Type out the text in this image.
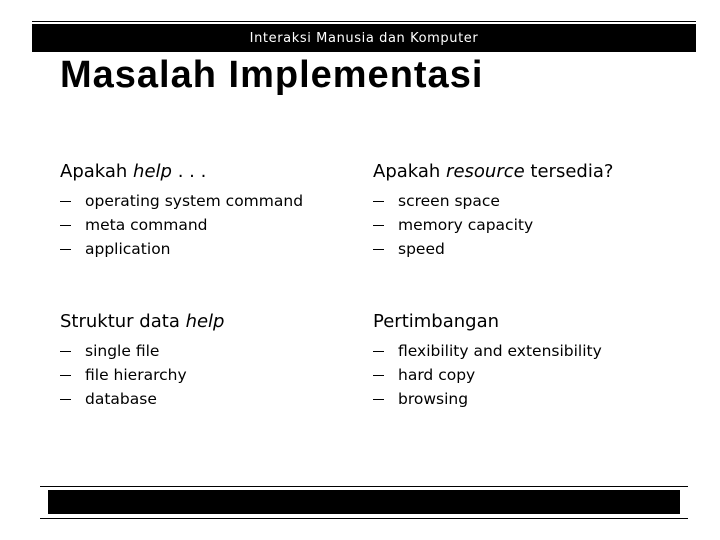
Interaksi Manusia dan Komputer
Masalah Implementasi

Apakah help . . .

operating system command
meta command
application

Apakah resource tersedia?

screen space
memory capacity
speed

Struktur data help

single file
file hierarchy
database

Pertimbangan

flexibility and extensibility
hard copy
browsing
